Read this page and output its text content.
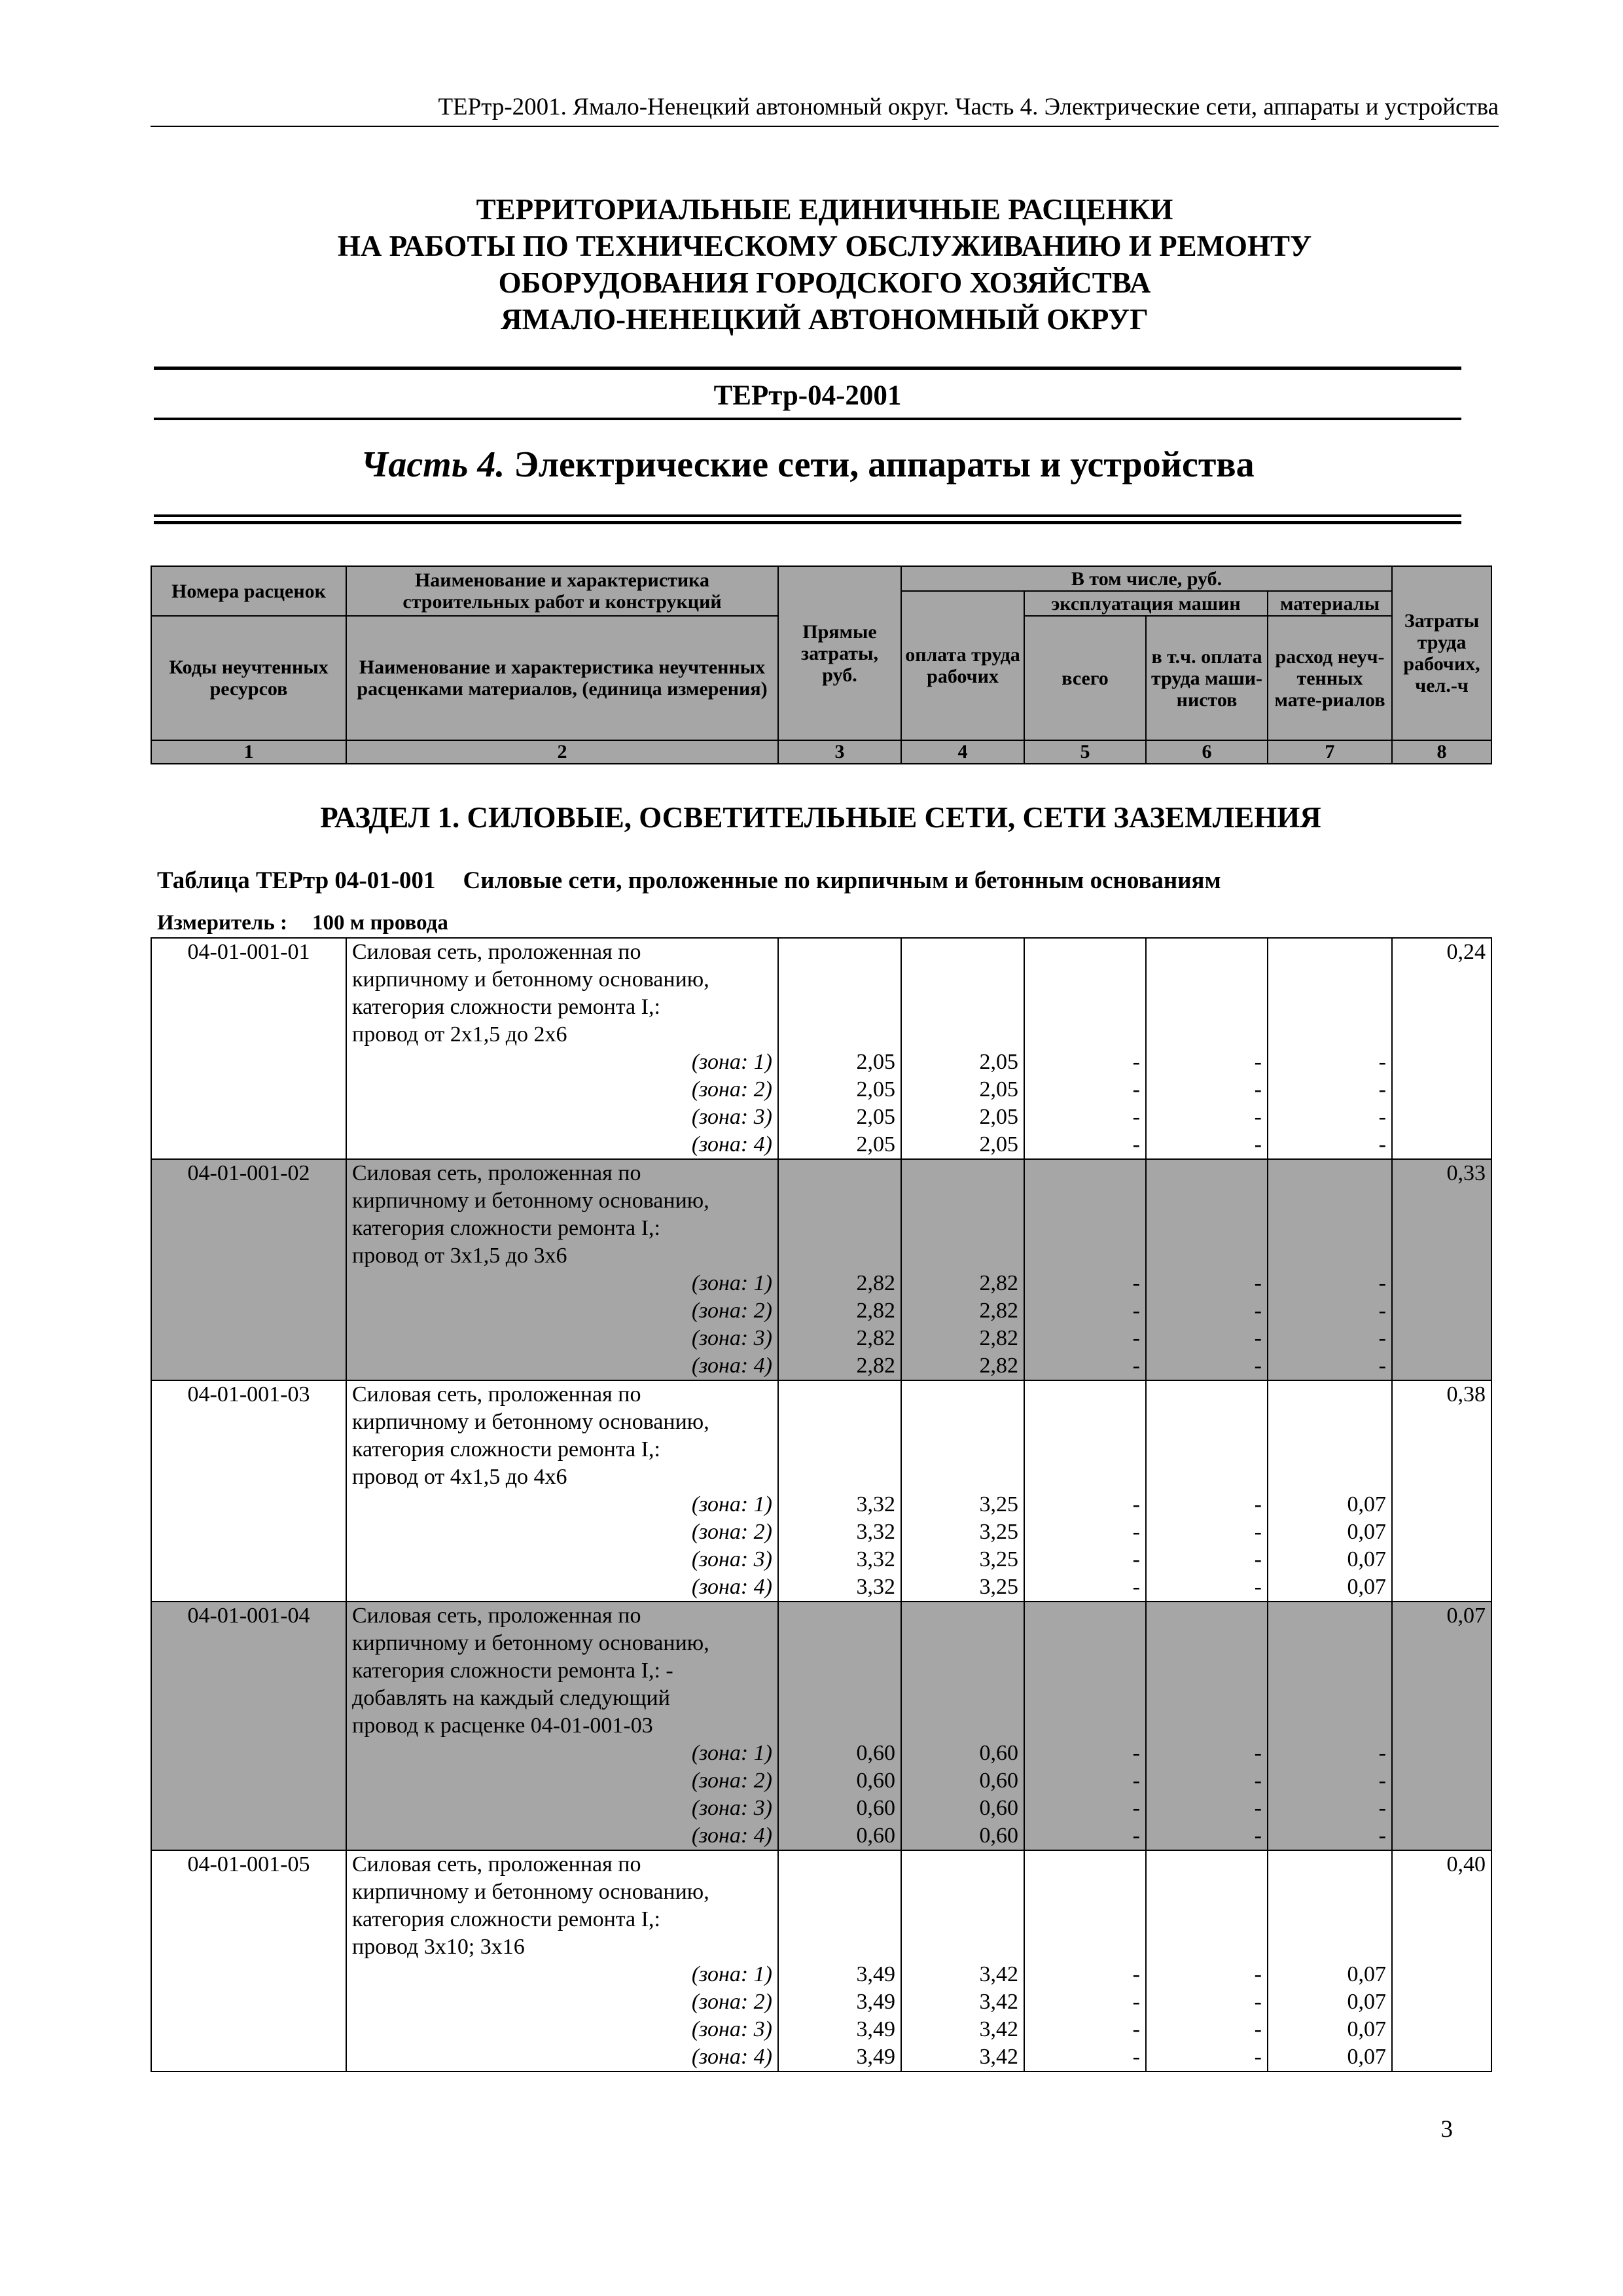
ТЕРтр-2001. Ямало-Ненецкий автономный округ. Часть 4. Электрические сети, аппараты и устройства
ТЕРРИТОРИАЛЬНЫЕ ЕДИНИЧНЫЕ РАСЦЕНКИ
НА РАБОТЫ ПО ТЕХНИЧЕСКОМУ ОБСЛУЖИВАНИЮ И РЕМОНТУ
ОБОРУДОВАНИЯ ГОРОДСКОГО ХОЗЯЙСТВА
ЯМАЛО-НЕНЕЦКИЙ АВТОНОМНЫЙ ОКРУГ
ТЕРтр-04-2001
Часть 4. Электрические сети, аппараты и устройства
Номера расценок	Наименование и характеристика строительных работ и конструкций	Прямые затраты, руб.	В том числе, руб.				Затраты труда рабочих, чел.-ч
			оплата труда рабочих	эксплуатация машин		материалы	
Коды неучтенных ресурсов	Наименование и характеристика неучтенных расценками материалов, (единица измерения)			всего	в т.ч. оплата труда маши-нистов	расход неуч-тенных мате-риалов	

1	2	3	4	5	6	7	8
РАЗДЕЛ 1. СИЛОВЫЕ, ОСВЕТИТЕЛЬНЫЕ СЕТИ, СЕТИ ЗАЗЕМЛЕНИЯ
Таблица ТЕРтр 04-01-001 Силовые сети, проложенные по кирпичным и бетонным основаниям
Измеритель : 100 м провода
04-01-001-01	Силовая сеть, проложенная по						0,24
	кирпичному и бетонному основанию,						
	категория сложности ремонта I,:						
	провод от 2х1,5 до 2х6						
	(зона: 1)	2,05	2,05	-	-	-	
	(зона: 2)	2,05	2,05	-	-	-	
	(зона: 3)	2,05	2,05	-	-	-	
	(зона: 4)	2,05	2,05	-	-	-	
04-01-001-02	Силовая сеть, проложенная по						0,33
	кирпичному и бетонному основанию,						
	категория сложности ремонта I,:						
	провод от 3х1,5 до 3х6						
	(зона: 1)	2,82	2,82	-	-	-	
	(зона: 2)	2,82	2,82	-	-	-	
	(зона: 3)	2,82	2,82	-	-	-	
	(зона: 4)	2,82	2,82	-	-	-	
04-01-001-03	Силовая сеть, проложенная по						0,38
	кирпичному и бетонному основанию,						
	категория сложности ремонта I,:						
	провод от 4х1,5 до 4х6						
	(зона: 1)	3,32	3,25	-	-	0,07	
	(зона: 2)	3,32	3,25	-	-	0,07	
	(зона: 3)	3,32	3,25	-	-	0,07	
	(зона: 4)	3,32	3,25	-	-	0,07	
04-01-001-04	Силовая сеть, проложенная по						0,07
	кирпичному и бетонному основанию,						
	категория сложности ремонта I,: -						
	добавлять на каждый следующий						
	провод к расценке 04-01-001-03						
	(зона: 1)	0,60	0,60	-	-	-	
	(зона: 2)	0,60	0,60	-	-	-	
	(зона: 3)	0,60	0,60	-	-	-	
	(зона: 4)	0,60	0,60	-	-	-	
04-01-001-05	Силовая сеть, проложенная по						0,40
	кирпичному и бетонному основанию,						
	категория сложности ремонта I,:						
	провод 3х10; 3х16						
	(зона: 1)	3,49	3,42	-	-	0,07	
	(зона: 2)	3,49	3,42	-	-	0,07	
	(зона: 3)	3,49	3,42	-	-	0,07	
	(зона: 4)	3,49	3,42	-	-	0,07	
3
